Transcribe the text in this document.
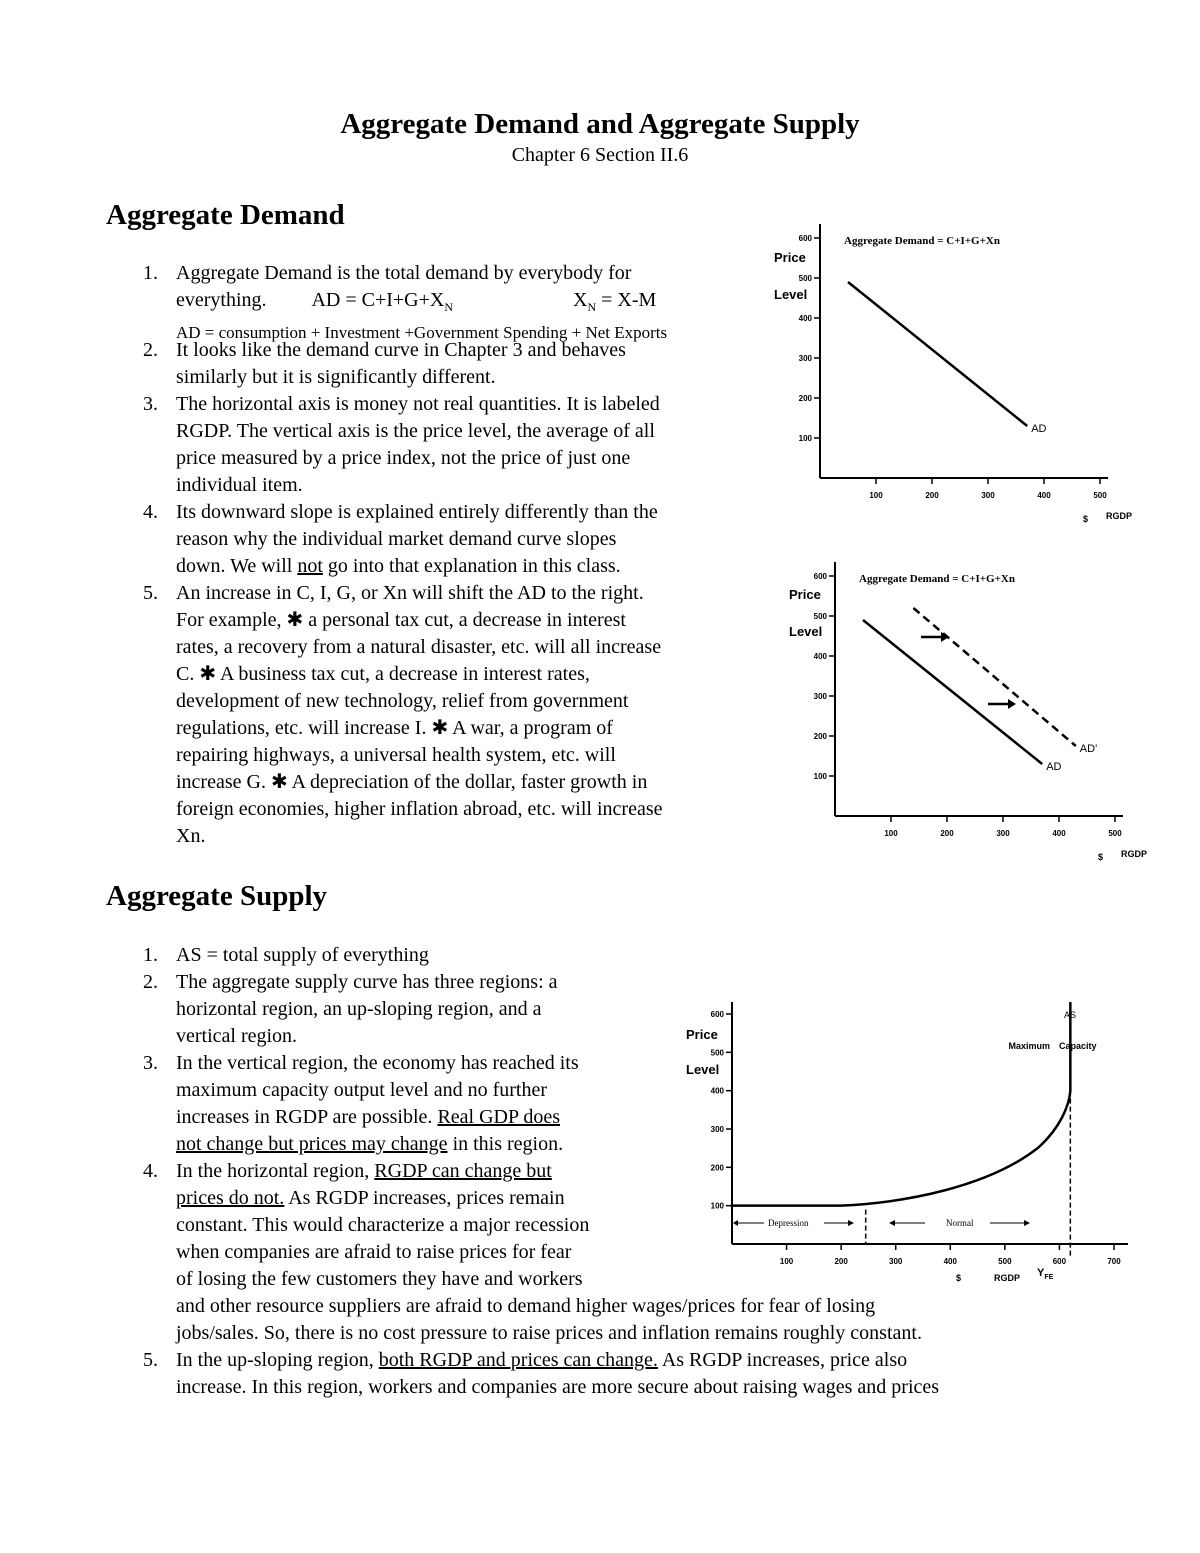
Aggregate Demand and Aggregate Supply
Chapter 6 Section II.6
Aggregate Demand
1. Aggregate Demand is the total demand by everybody for
everything. AD = $C+I+G+X_N$	$X_N = X-M$
AD = consumption + Investment +Government Spending + Net Exports
2. It looks like the demand curve in Chapter 3 and behaves
similarly but it is significantly different.
3. The horizontal axis is money not real quantities. It is labeled
RGDP. The vertical axis is the price level, the average of all
price measured by a price index, not the price of just one
individual item.
4. Its downward slope is explained entirely differently than the
reason why the individual market demand curve slopes
down. We will not go into that explanation in this class.
5. An increase in C, I, G, or Xn will shift the AD to the right.
For example, ✱ a personal tax cut, a decrease in interest
rates, a recovery from a natural disaster, etc. will all increase
C. ✱ A business tax cut, a decrease in interest rates,
development of new technology, relief from government
regulations, etc. will increase I. ✱ A war, a program of
repairing highways, a universal health system, etc. will
increase G. ✱ A depreciation of the dollar, faster growth in
foreign economies, higher inflation abroad, etc. will increase
Xn.
Aggregate Supply
1. AS = total supply of everything
2. The aggregate supply curve has three regions: a
horizontal region, an up-sloping region, and a
vertical region.
3. In the vertical region, the economy has reached its
maximum capacity output level and no further
increases in RGDP are possible. Real GDP does
not change but prices may change in this region.
4. In the horizontal region, RGDP can change but
prices do not. As RGDP increases, prices remain
constant. This would characterize a major recession
when companies are afraid to raise prices for fear
of losing the few customers they have and workers
and other resource suppliers are afraid to demand higher wages/prices for fear of losing
jobs/sales. So, there is no cost pressure to raise prices and inflation remains roughly constant.
5. In the up-sloping region, both RGDP and prices can change. As RGDP increases, price also
increase. In this region, workers and companies are more secure about raising wages and prices
Aggregate Demand = C+I+G+Xn
Price
Level
$ RGDP
600
500
400
300
200
100
100	200	300	400	500
AD
Aggregate Demand = C+I+G+Xn
Price
Level
$ RGDP
600
500
400
300
200
100
100	200	300	400	500
AD
AD'
Price
Level
$	RGDP $Y_{FE}$
AS
Maximum Capacity
600
500
400
300
200
100
100	200	300	400	500	600	700
Depression	Normal
